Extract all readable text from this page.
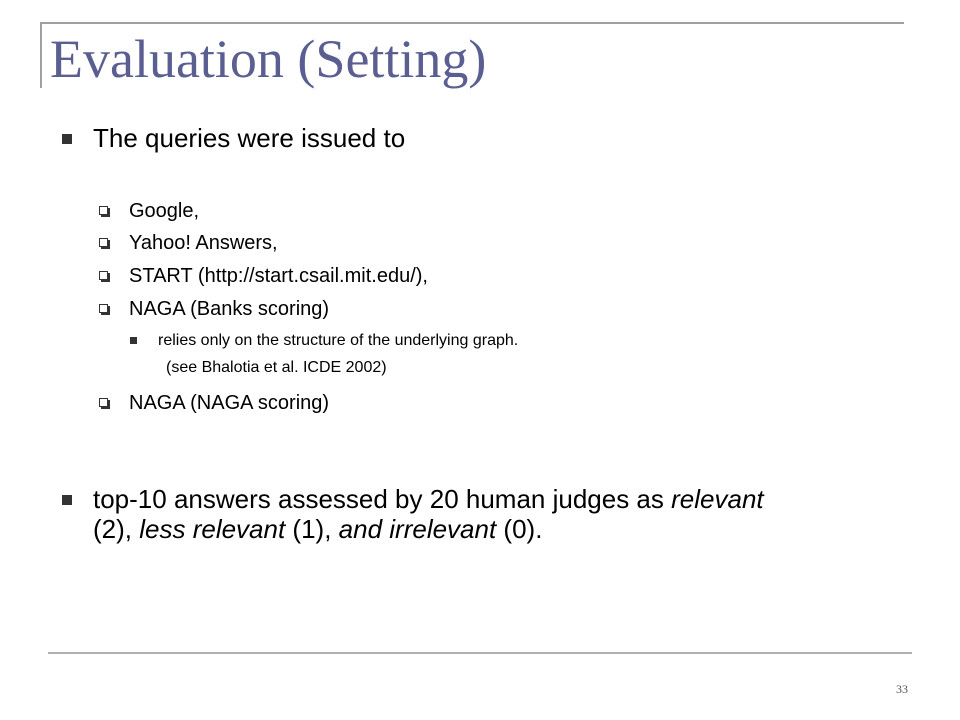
Evaluation (Setting)
The queries were issued to
Google,
Yahoo! Answers,
START (http://start.csail.mit.edu/),
NAGA (Banks scoring)
relies only on the structure of the underlying graph.
(see Bhalotia et al. ICDE 2002)
NAGA (NAGA scoring)
top-10 answers assessed by 20 human judges as relevant
(2), less relevant (1), and irrelevant (0).
33
